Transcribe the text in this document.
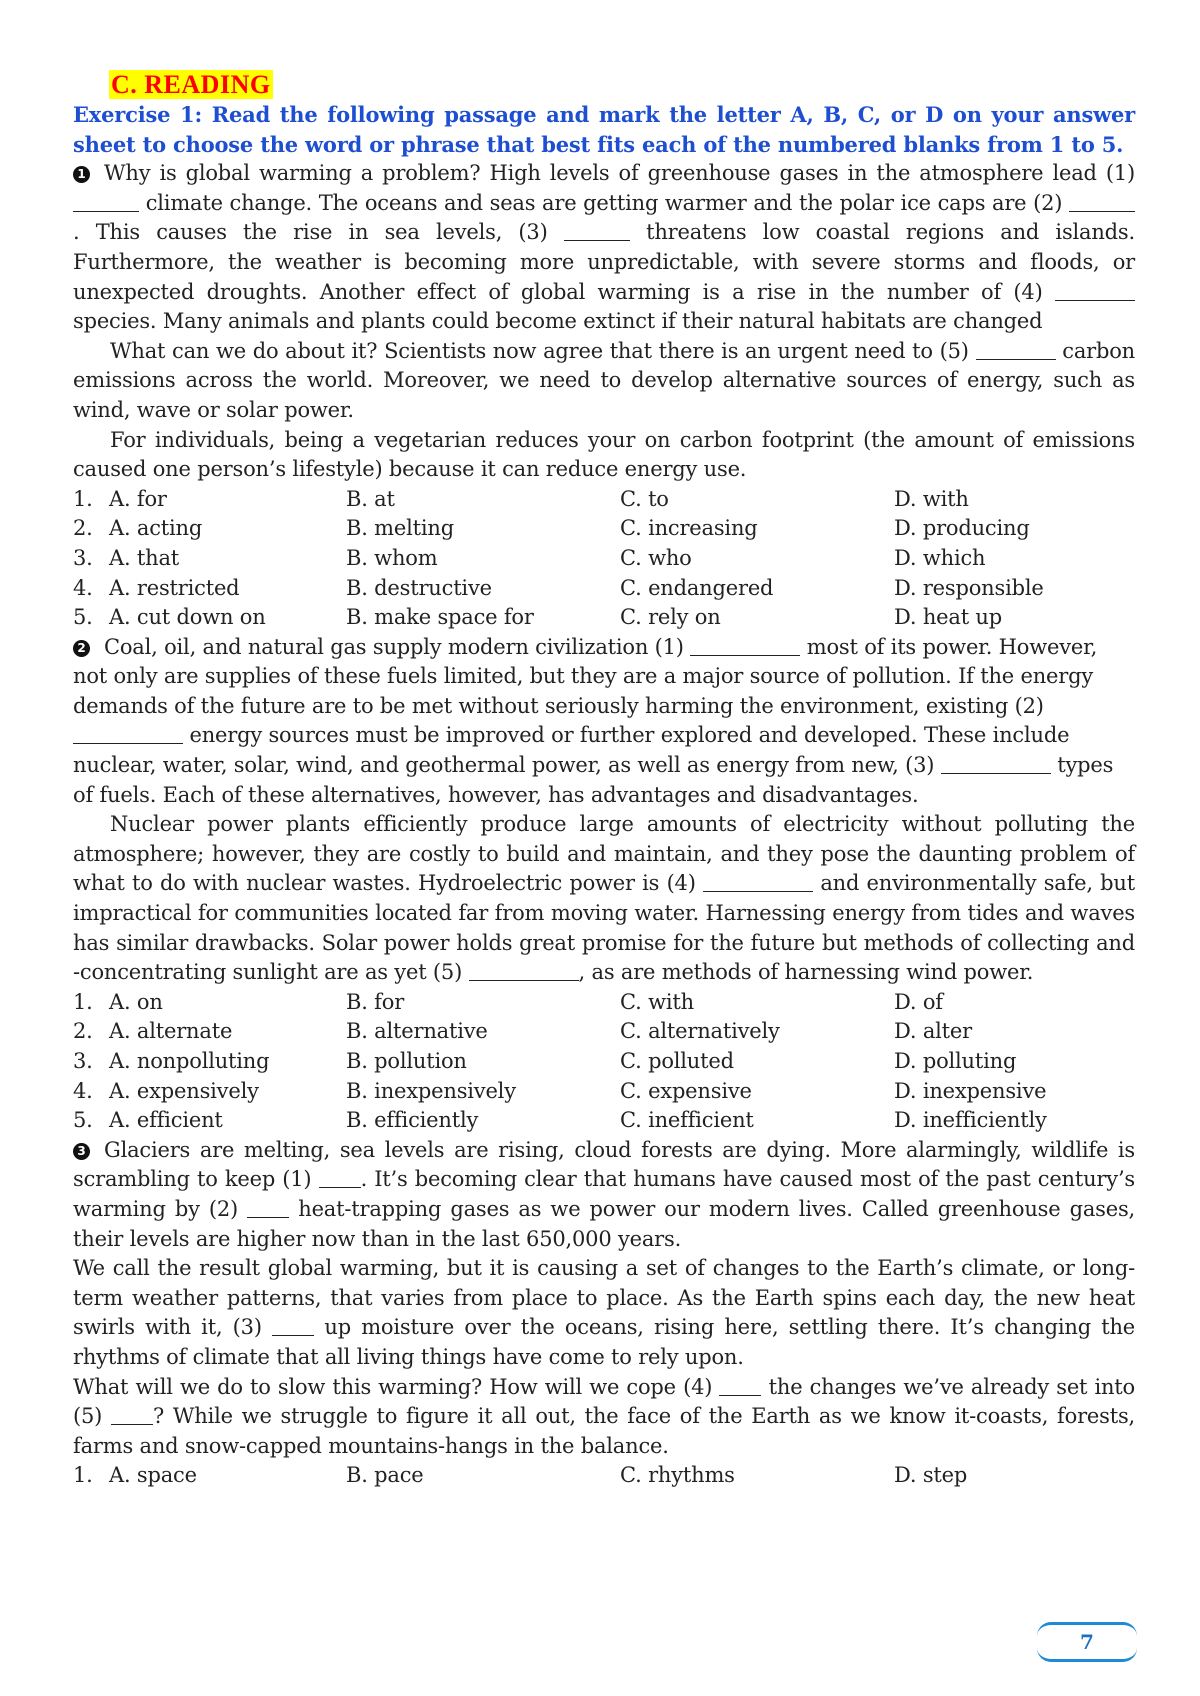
C. READING

Exercise 1: Read the following passage and mark the letter A, B, C, or D on your answer sheet to choose the word or phrase that best fits each of the numbered blanks from 1 to 5.

1 Why is global warming a problem? High levels of greenhouse gases in the atmosphere lead (1)  climate change. The oceans and seas are getting warmer and the polar ice caps are (2) . This causes the rise in sea levels, (3)	threatens low coastal regions and islands. Furthermore, the weather is becoming more unpredictable, with severe storms and floods, or unexpected droughts. Another effect of global warming is a rise in the number of (4)  species. Many animals and plants could become extinct if their natural habitats are changed

What can we do about it? Scientists now agree that there is an urgent need to (5)	carbon emissions across the world. Moreover, we need to develop alternative sources of energy, such as wind, wave or solar power.

For individuals, being a vegetarian reduces your on carbon footprint (the amount of emissions caused one person’s lifestyle) because it can reduce energy use.

1. A. for	B. at	C. to	D. with
2. A. acting	B. melting	C. increasing	D. producing
3. A. that	B. whom	C. who	D. which
4. A. restricted	B. destructive	C. endangered	D. responsible
5. A. cut down on	B. make space for	C. rely on	D. heat up

2 Coal, oil, and natural gas supply modern civilization (1)	most of its power. However, not only are supplies of these fuels limited, but they are a major source of pollution. If the energy demands of the future are to be met without seriously harming the environment, existing (2)  energy sources must be improved or further explored and developed. These include nuclear, water, solar, wind, and geothermal power, as well as energy from new, (3)	types of fuels. Each of these alternatives, however, has advantages and disadvantages.

Nuclear power plants efficiently produce large amounts of electricity without polluting the atmosphere; however, they are costly to build and maintain, and they pose the daunting problem of what to do with nuclear wastes. Hydroelectric power is (4)	and environmentally safe, but impractical for communities located far from moving water. Harnessing energy from tides and waves has similar drawbacks. Solar power holds great promise for the future but methods of collecting and -concentrating sunlight are as yet (5)	, as are methods of harnessing wind power.

1. A. on	B. for	C. with	D. of
2. A. alternate	B. alternative	C. alternatively	D. alter
3. A. nonpolluting	B. pollution	C. polluted	D. polluting
4. A. expensively	B. inexpensively	C. expensive	D. inexpensive
5. A. efficient	B. efficiently	C. inefficient	D. inefficiently

3 Glaciers are melting, sea levels are rising, cloud forests are dying. More alarmingly, wildlife is scrambling to keep (1) . It’s becoming clear that humans have caused most of the past century’s warming by (2)  heat-trapping gases as we power our modern lives. Called greenhouse gases, their levels are higher now than in the last 650,000 years.

We call the result global warming, but it is causing a set of changes to the Earth’s climate, or long-term weather patterns, that varies from place to place. As the Earth spins each day, the new heat swirls with it, (3)  up moisture over the oceans, rising here, settling there. It’s changing the rhythms of climate that all living things have come to rely upon.

What will we do to slow this warming? How will we cope (4)  the changes we’ve already set into (5) ? While we struggle to figure it all out, the face of the Earth as we know it-coasts, forests, farms and snow-capped mountains-hangs in the balance.

1. A. space	B. pace	C. rhythms	D. step
7
